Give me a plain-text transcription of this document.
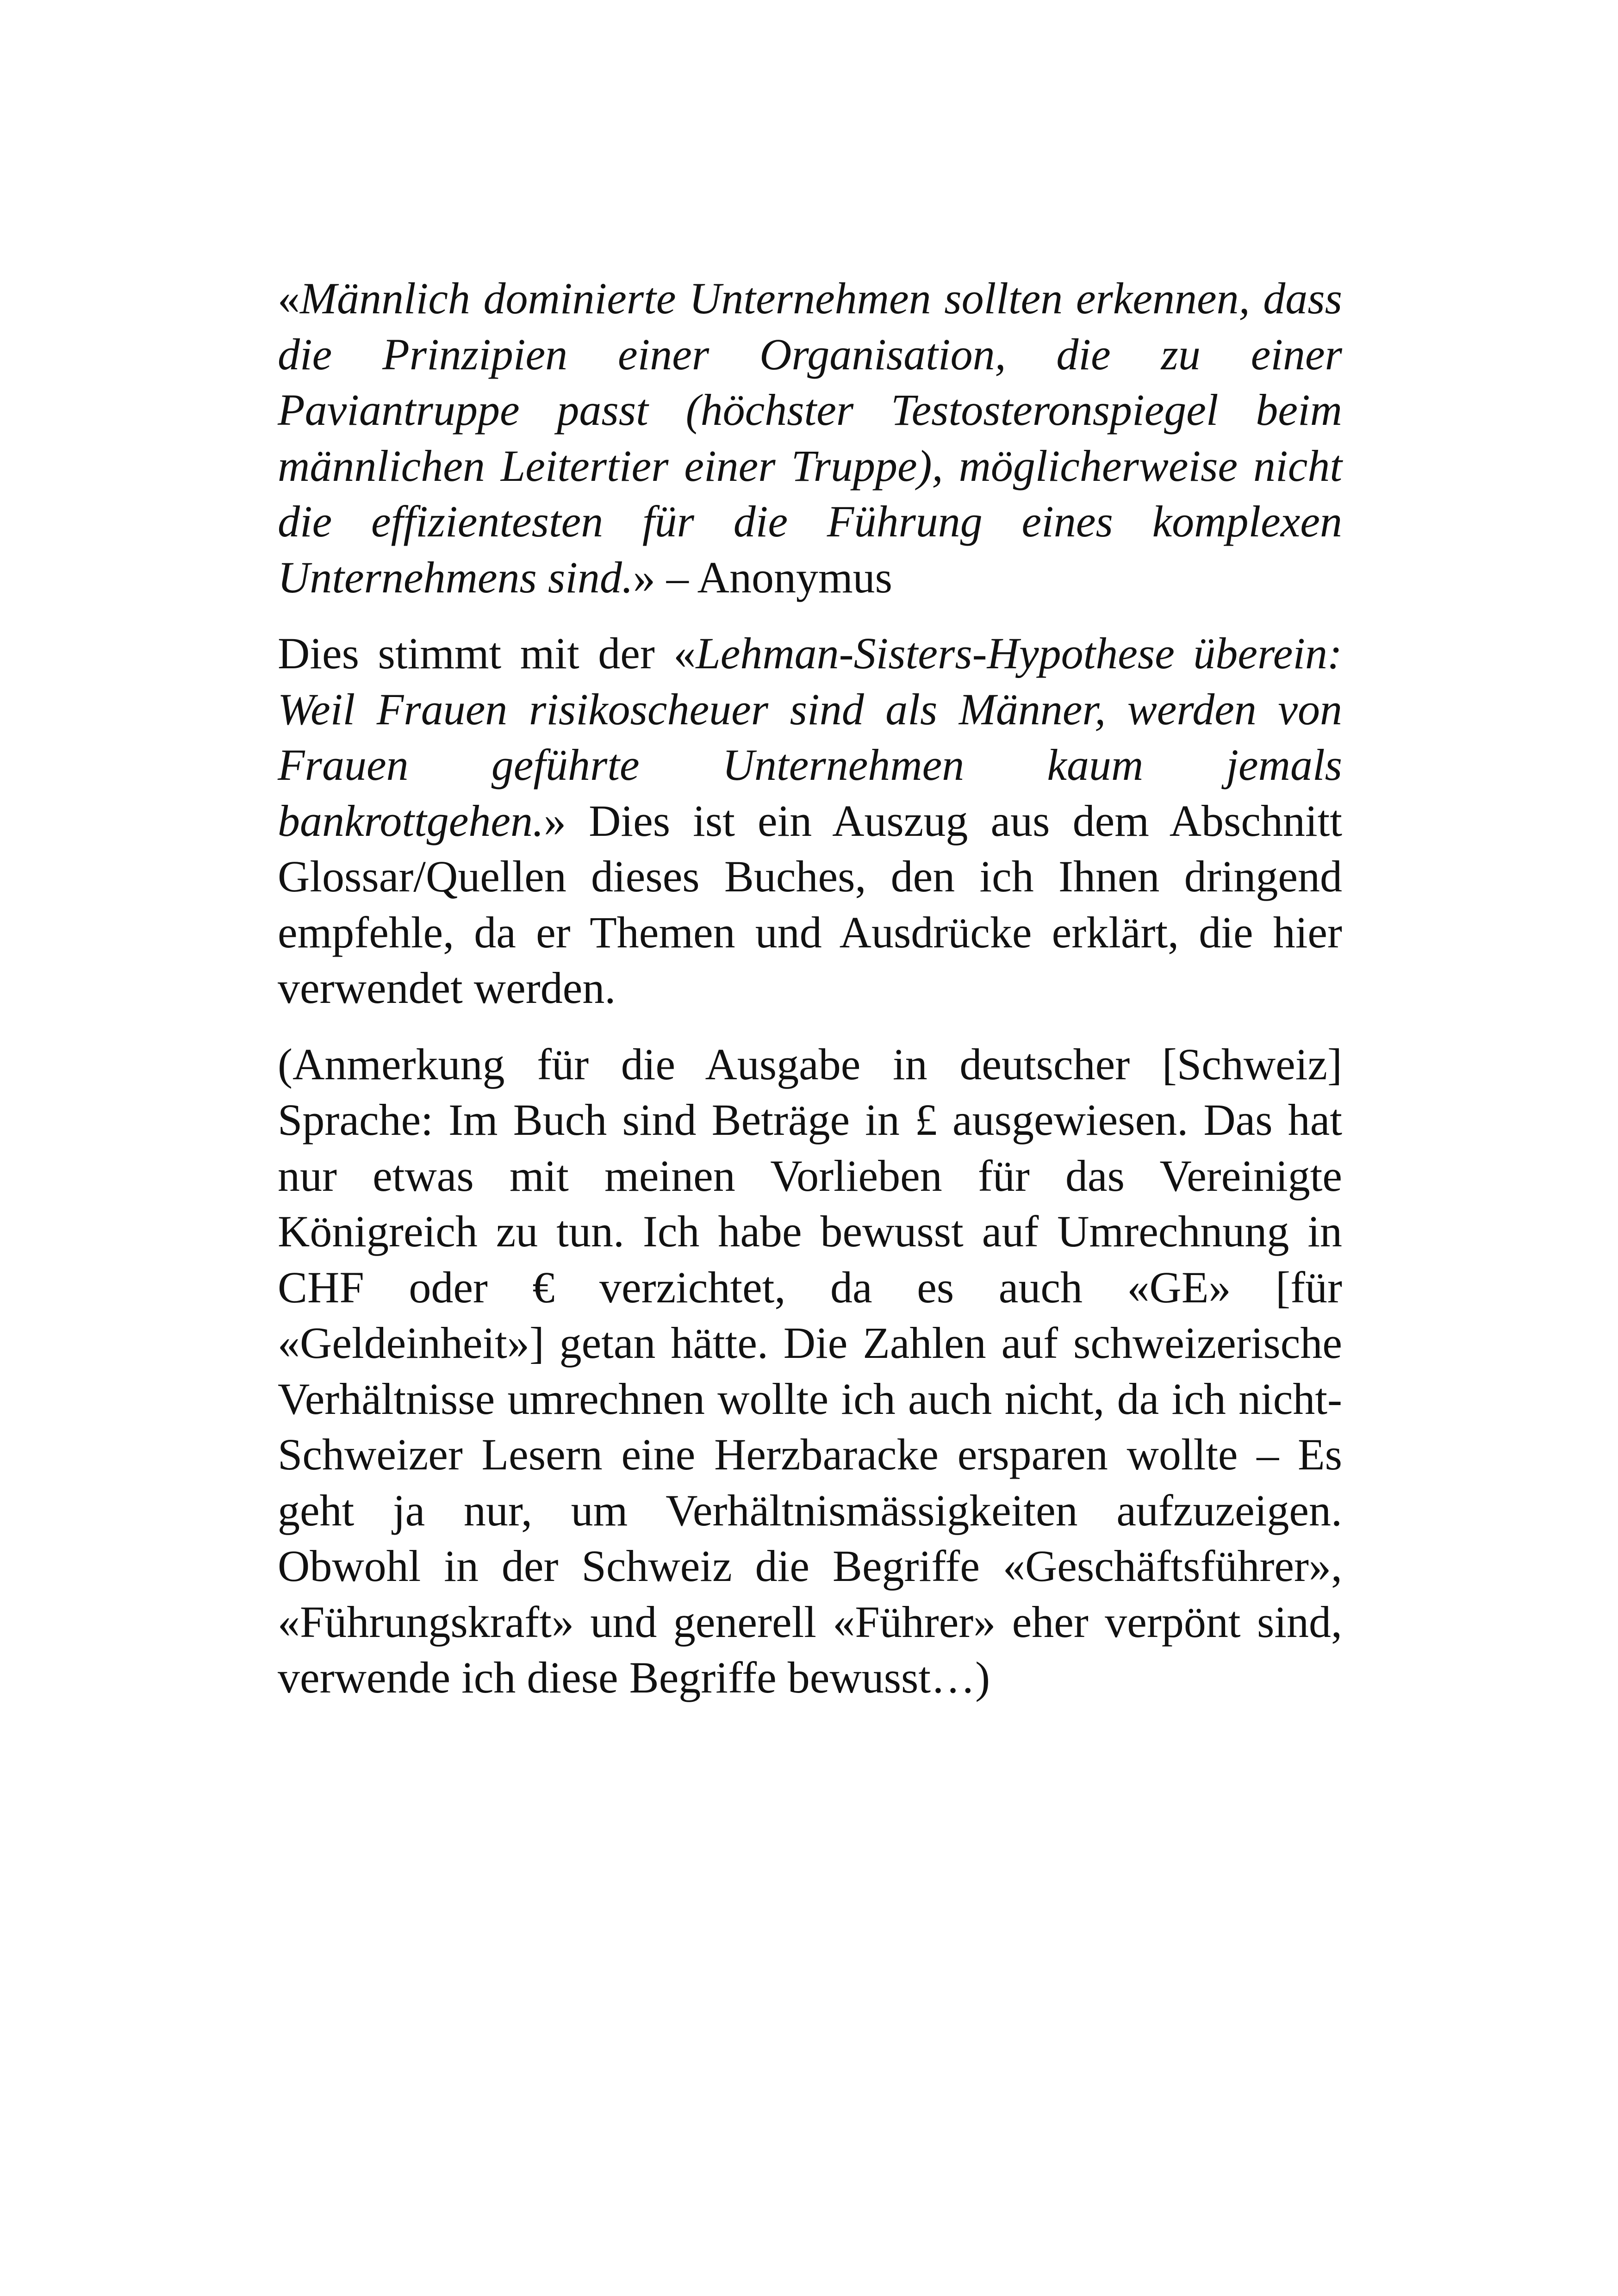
«Männlich dominierte Unternehmen sollten erkennen, dass die Prinzipien einer Organisation, die zu einer Paviantruppe passt (höchster Testosteronspiegel beim männlichen Leitertier einer Truppe), möglicherweise nicht die effizientesten für die Führung eines komplexen Unternehmens sind.» – Anonymus

Dies stimmt mit der «Lehman-Sisters-Hypothese überein: Weil Frauen risikoscheuer sind als Männer, werden von Frauen geführte Unternehmen kaum jemals bankrottgehen.» Dies ist ein Auszug aus dem Abschnitt Glossar/Quellen dieses Buches, den ich Ihnen dringend empfehle, da er Themen und Ausdrücke erklärt, die hier verwendet werden.

(Anmerkung für die Ausgabe in deutscher [Schweiz] Sprache: Im Buch sind Beträge in £ ausgewiesen. Das hat nur etwas mit meinen Vorlieben für das Vereinigte Königreich zu tun. Ich habe bewusst auf Umrechnung in CHF oder € verzichtet, da es auch «GE» [für «Geldeinheit»] getan hätte. Die Zahlen auf schweizerische Verhältnisse umrechnen wollte ich auch nicht, da ich nicht-Schweizer Lesern eine Herzbaracke ersparen wollte – Es geht ja nur, um Verhältnismässigkeiten aufzuzeigen. Obwohl in der Schweiz die Begriffe «Geschäftsführer», «Führungskraft» und generell «Führer» eher verpönt sind, verwende ich diese Begriffe bewusst…)
